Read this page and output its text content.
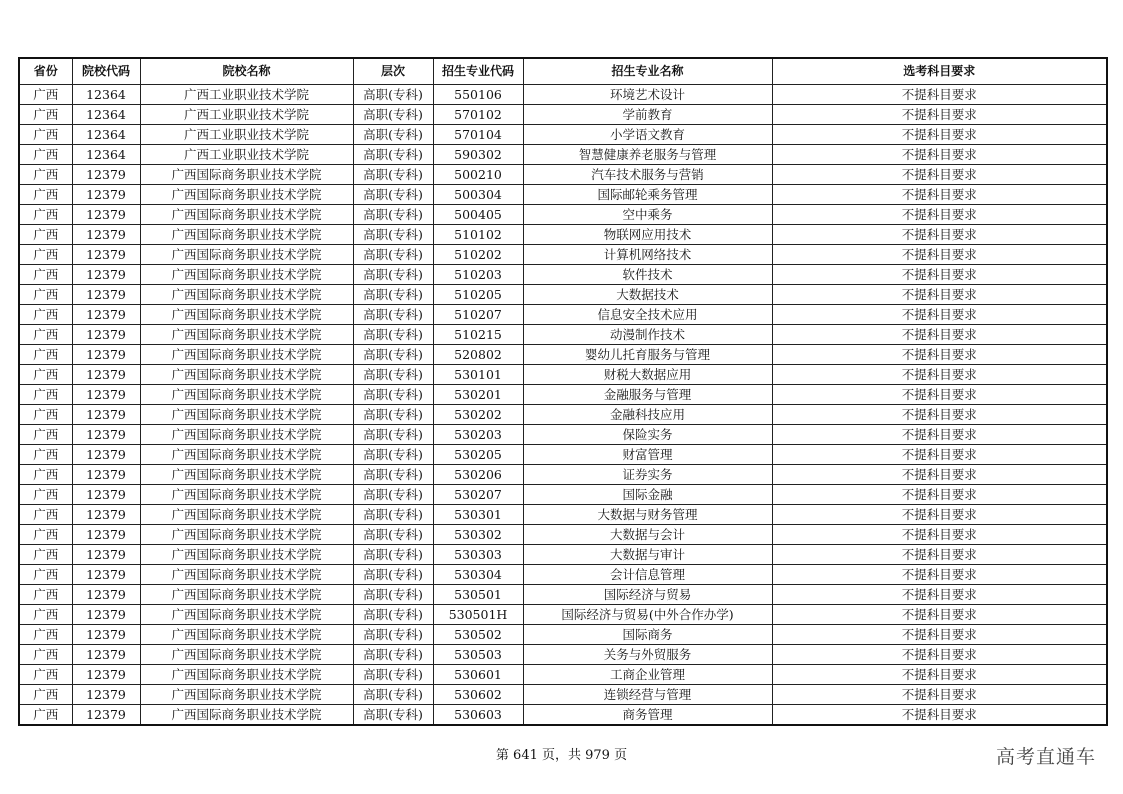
省份	院校代码	院校名称	层次	招生专业代码	招生专业名称	选考科目要求
广西	12364	广西工业职业技术学院	高职(专科)	550106	环境艺术设计	不提科目要求
广西	12364	广西工业职业技术学院	高职(专科)	570102	学前教育	不提科目要求
广西	12364	广西工业职业技术学院	高职(专科)	570104	小学语文教育	不提科目要求
广西	12364	广西工业职业技术学院	高职(专科)	590302	智慧健康养老服务与管理	不提科目要求
广西	12379	广西国际商务职业技术学院	高职(专科)	500210	汽车技术服务与营销	不提科目要求
广西	12379	广西国际商务职业技术学院	高职(专科)	500304	国际邮轮乘务管理	不提科目要求
广西	12379	广西国际商务职业技术学院	高职(专科)	500405	空中乘务	不提科目要求
广西	12379	广西国际商务职业技术学院	高职(专科)	510102	物联网应用技术	不提科目要求
广西	12379	广西国际商务职业技术学院	高职(专科)	510202	计算机网络技术	不提科目要求
广西	12379	广西国际商务职业技术学院	高职(专科)	510203	软件技术	不提科目要求
广西	12379	广西国际商务职业技术学院	高职(专科)	510205	大数据技术	不提科目要求
广西	12379	广西国际商务职业技术学院	高职(专科)	510207	信息安全技术应用	不提科目要求
广西	12379	广西国际商务职业技术学院	高职(专科)	510215	动漫制作技术	不提科目要求
广西	12379	广西国际商务职业技术学院	高职(专科)	520802	婴幼儿托育服务与管理	不提科目要求
广西	12379	广西国际商务职业技术学院	高职(专科)	530101	财税大数据应用	不提科目要求
广西	12379	广西国际商务职业技术学院	高职(专科)	530201	金融服务与管理	不提科目要求
广西	12379	广西国际商务职业技术学院	高职(专科)	530202	金融科技应用	不提科目要求
广西	12379	广西国际商务职业技术学院	高职(专科)	530203	保险实务	不提科目要求
广西	12379	广西国际商务职业技术学院	高职(专科)	530205	财富管理	不提科目要求
广西	12379	广西国际商务职业技术学院	高职(专科)	530206	证券实务	不提科目要求
广西	12379	广西国际商务职业技术学院	高职(专科)	530207	国际金融	不提科目要求
广西	12379	广西国际商务职业技术学院	高职(专科)	530301	大数据与财务管理	不提科目要求
广西	12379	广西国际商务职业技术学院	高职(专科)	530302	大数据与会计	不提科目要求
广西	12379	广西国际商务职业技术学院	高职(专科)	530303	大数据与审计	不提科目要求
广西	12379	广西国际商务职业技术学院	高职(专科)	530304	会计信息管理	不提科目要求
广西	12379	广西国际商务职业技术学院	高职(专科)	530501	国际经济与贸易	不提科目要求
广西	12379	广西国际商务职业技术学院	高职(专科)	530501H	国际经济与贸易(中外合作办学)	不提科目要求
广西	12379	广西国际商务职业技术学院	高职(专科)	530502	国际商务	不提科目要求
广西	12379	广西国际商务职业技术学院	高职(专科)	530503	关务与外贸服务	不提科目要求
广西	12379	广西国际商务职业技术学院	高职(专科)	530601	工商企业管理	不提科目要求
广西	12379	广西国际商务职业技术学院	高职(专科)	530602	连锁经营与管理	不提科目要求
广西	12379	广西国际商务职业技术学院	高职(专科)	530603	商务管理	不提科目要求
第 641 页，共 979 页	高考直通车
